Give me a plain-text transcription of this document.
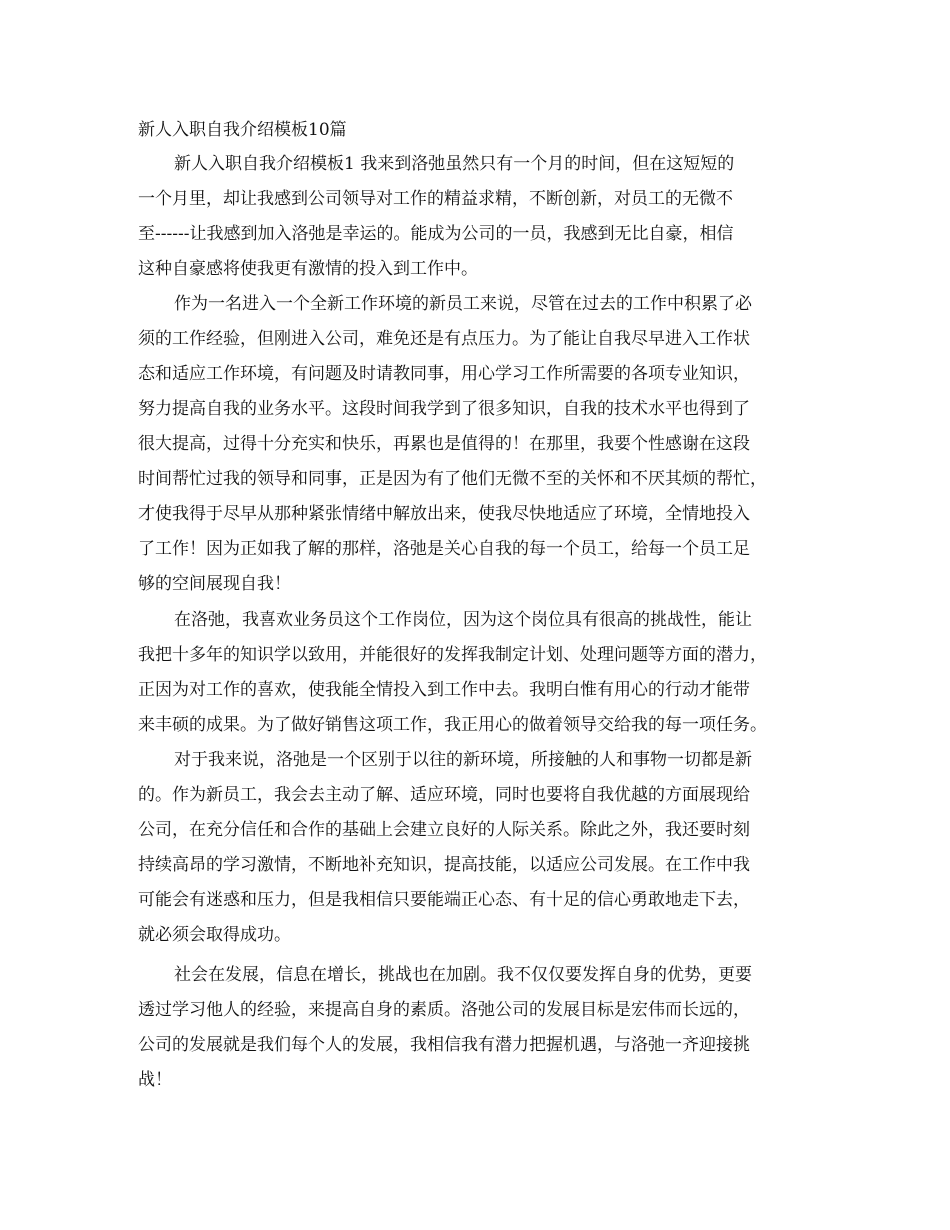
新人入职自我介绍模板10篇
新人入职自我介绍模板1 我来到洛弛虽然只有一个月的时间，但在这短短的
一个月里，却让我感到公司领导对工作的精益求精，不断创新，对员工的无微不
至------让我感到加入洛弛是幸运的。能成为公司的一员，我感到无比自豪，相信
这种自豪感将使我更有激情的投入到工作中。
作为一名进入一个全新工作环境的新员工来说，尽管在过去的工作中积累了必
须的工作经验，但刚进入公司，难免还是有点压力。为了能让自我尽早进入工作状
态和适应工作环境，有问题及时请教同事，用心学习工作所需要的各项专业知识，
努力提高自我的业务水平。这段时间我学到了很多知识，自我的技术水平也得到了
很大提高，过得十分充实和快乐，再累也是值得的！在那里，我要个性感谢在这段
时间帮忙过我的领导和同事，正是因为有了他们无微不至的关怀和不厌其烦的帮忙，
才使我得于尽早从那种紧张情绪中解放出来，使我尽快地适应了环境，全情地投入
了工作！因为正如我了解的那样，洛弛是关心自我的每一个员工，给每一个员工足
够的空间展现自我！
在洛弛，我喜欢业务员这个工作岗位，因为这个岗位具有很高的挑战性，能让
我把十多年的知识学以致用，并能很好的发挥我制定计划、处理问题等方面的潜力，
正因为对工作的喜欢，使我能全情投入到工作中去。我明白惟有用心的行动才能带
来丰硕的成果。为了做好销售这项工作，我正用心的做着领导交给我的每一项任务。
对于我来说，洛弛是一个区别于以往的新环境，所接触的人和事物一切都是新
的。作为新员工，我会去主动了解、适应环境，同时也要将自我优越的方面展现给
公司，在充分信任和合作的基础上会建立良好的人际关系。除此之外，我还要时刻
持续高昂的学习激情，不断地补充知识，提高技能，以适应公司发展。在工作中我
可能会有迷惑和压力，但是我相信只要能端正心态、有十足的信心勇敢地走下去，
就必须会取得成功。
社会在发展，信息在增长，挑战也在加剧。我不仅仅要发挥自身的优势，更要
透过学习他人的经验，来提高自身的素质。洛弛公司的发展目标是宏伟而长远的，
公司的发展就是我们每个人的发展，我相信我有潜力把握机遇，与洛弛一齐迎接挑
战！
